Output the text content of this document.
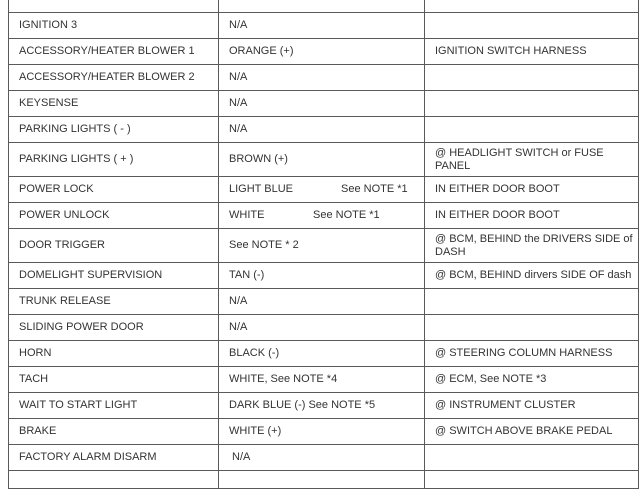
IGNITION 3	N/A	
ACCESSORY/HEATER BLOWER 1	ORANGE (+)	IGNITION SWITCH HARNESS
ACCESSORY/HEATER BLOWER 2	N/A	
KEYSENSE	N/A	
PARKING LIGHTS ( - )	N/A	
PARKING LIGHTS ( + )	BROWN (+)	@ HEADLIGHT SWITCH or FUSE PANEL
POWER LOCK	LIGHT BLUE See NOTE *1	IN EITHER DOOR BOOT
POWER UNLOCK	WHITE See NOTE *1	IN EITHER DOOR BOOT
DOOR TRIGGER	See NOTE * 2	@ BCM, BEHIND the DRIVERS SIDE of DASH
DOMELIGHT SUPERVISION	TAN (-)	@ BCM, BEHIND dirvers SIDE OF dash
TRUNK RELEASE	N/A	
SLIDING POWER DOOR	N/A	
HORN	BLACK (-)	@ STEERING COLUMN HARNESS
TACH	WHITE, See NOTE *4	@ ECM, See NOTE *3
WAIT TO START LIGHT	DARK BLUE (-) See NOTE *5	@ INSTRUMENT CLUSTER
BRAKE	WHITE (+)	@ SWITCH ABOVE BRAKE PEDAL
FACTORY ALARM DISARM	N/A	
